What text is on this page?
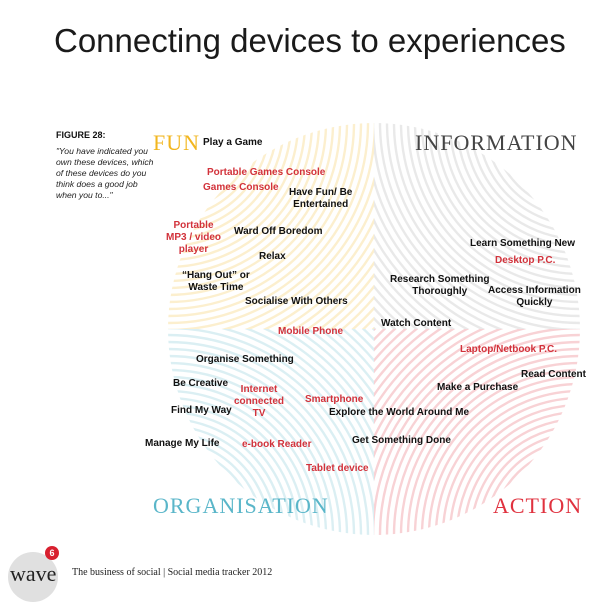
Connecting devices to experiences
FIGURE 28:
"You have indicated you own these devices, which of these devices do you think does a good job when you to..."
FUN	INFORMATION
ORGANISATION	ACTION
Play a Game
Portable Games Console
Games Console Have Fun/ Be
Entertained
Portable
MP3 / video
player
Ward Off Boredom
Relax
“Hang Out” or
Waste Time
Socialise With Others
Learn Something New
Desktop P.C.
Research Something
Thoroughly	Access Information
Quickly
Watch Content
Mobile Phone
Laptop/Netbook P.C.
Organise Something
Read Content
Be Creative
Internet
connected
TV
Smartphone
Make a Purchase
Find My Way	Explore the World Around Me
Manage My Life e-book Reader	Get Something Done
Tablet device
wave
6
The business of social | Social media tracker 2012
